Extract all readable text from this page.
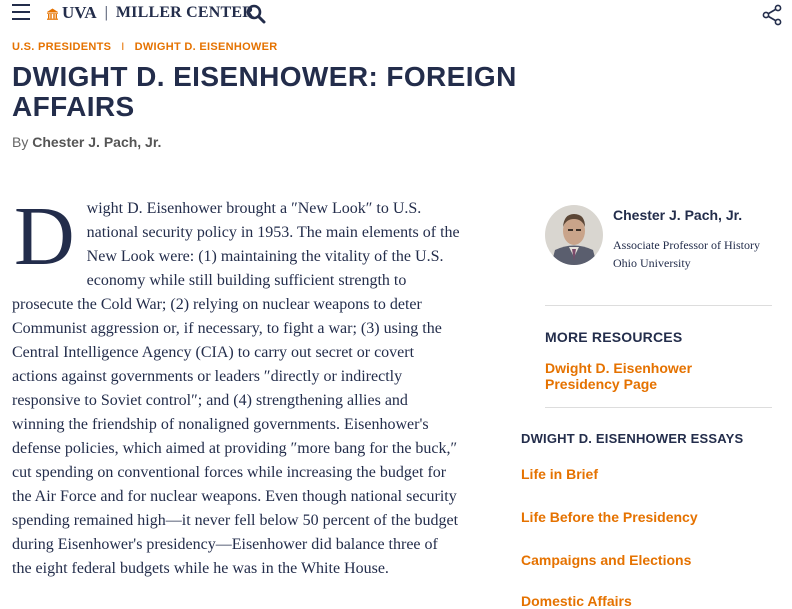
UVA | MILLER CENTER
U.S. PRESIDENTS I DWIGHT D. EISENHOWER
DWIGHT D. EISENHOWER: FOREIGN AFFAIRS
By Chester J. Pach, Jr.

Dwight D. Eisenhower brought a ″New Look″ to U.S. national security policy in 1953. The main elements of the New Look were: (1) maintaining the vitality of the U.S. economy while still building sufficient strength to prosecute the Cold War; (2) relying on nuclear weapons to deter Communist aggression or, if necessary, to fight a war; (3) using the Central Intelligence Agency (CIA) to carry out secret or covert actions against governments or leaders ″directly or indirectly responsive to Soviet control″; and (4) strengthening allies and winning the friendship of nonaligned governments. Eisenhower's defense policies, which aimed at providing ″more bang for the buck,″ cut spending on conventional forces while increasing the budget for the Air Force and for nuclear weapons. Even though national security spending remained high—it never fell below 50 percent of the budget during Eisenhower's presidency—Eisenhower did balance three of the eight federal budgets while he was in the White House.

Chester J. Pach, Jr.
Associate Professor of History
Ohio University
MORE RESOURCES
Dwight D. Eisenhower Presidency Page
DWIGHT D. EISENHOWER ESSAYS
Life in Brief
Life Before the Presidency
Campaigns and Elections
Domestic Affairs
